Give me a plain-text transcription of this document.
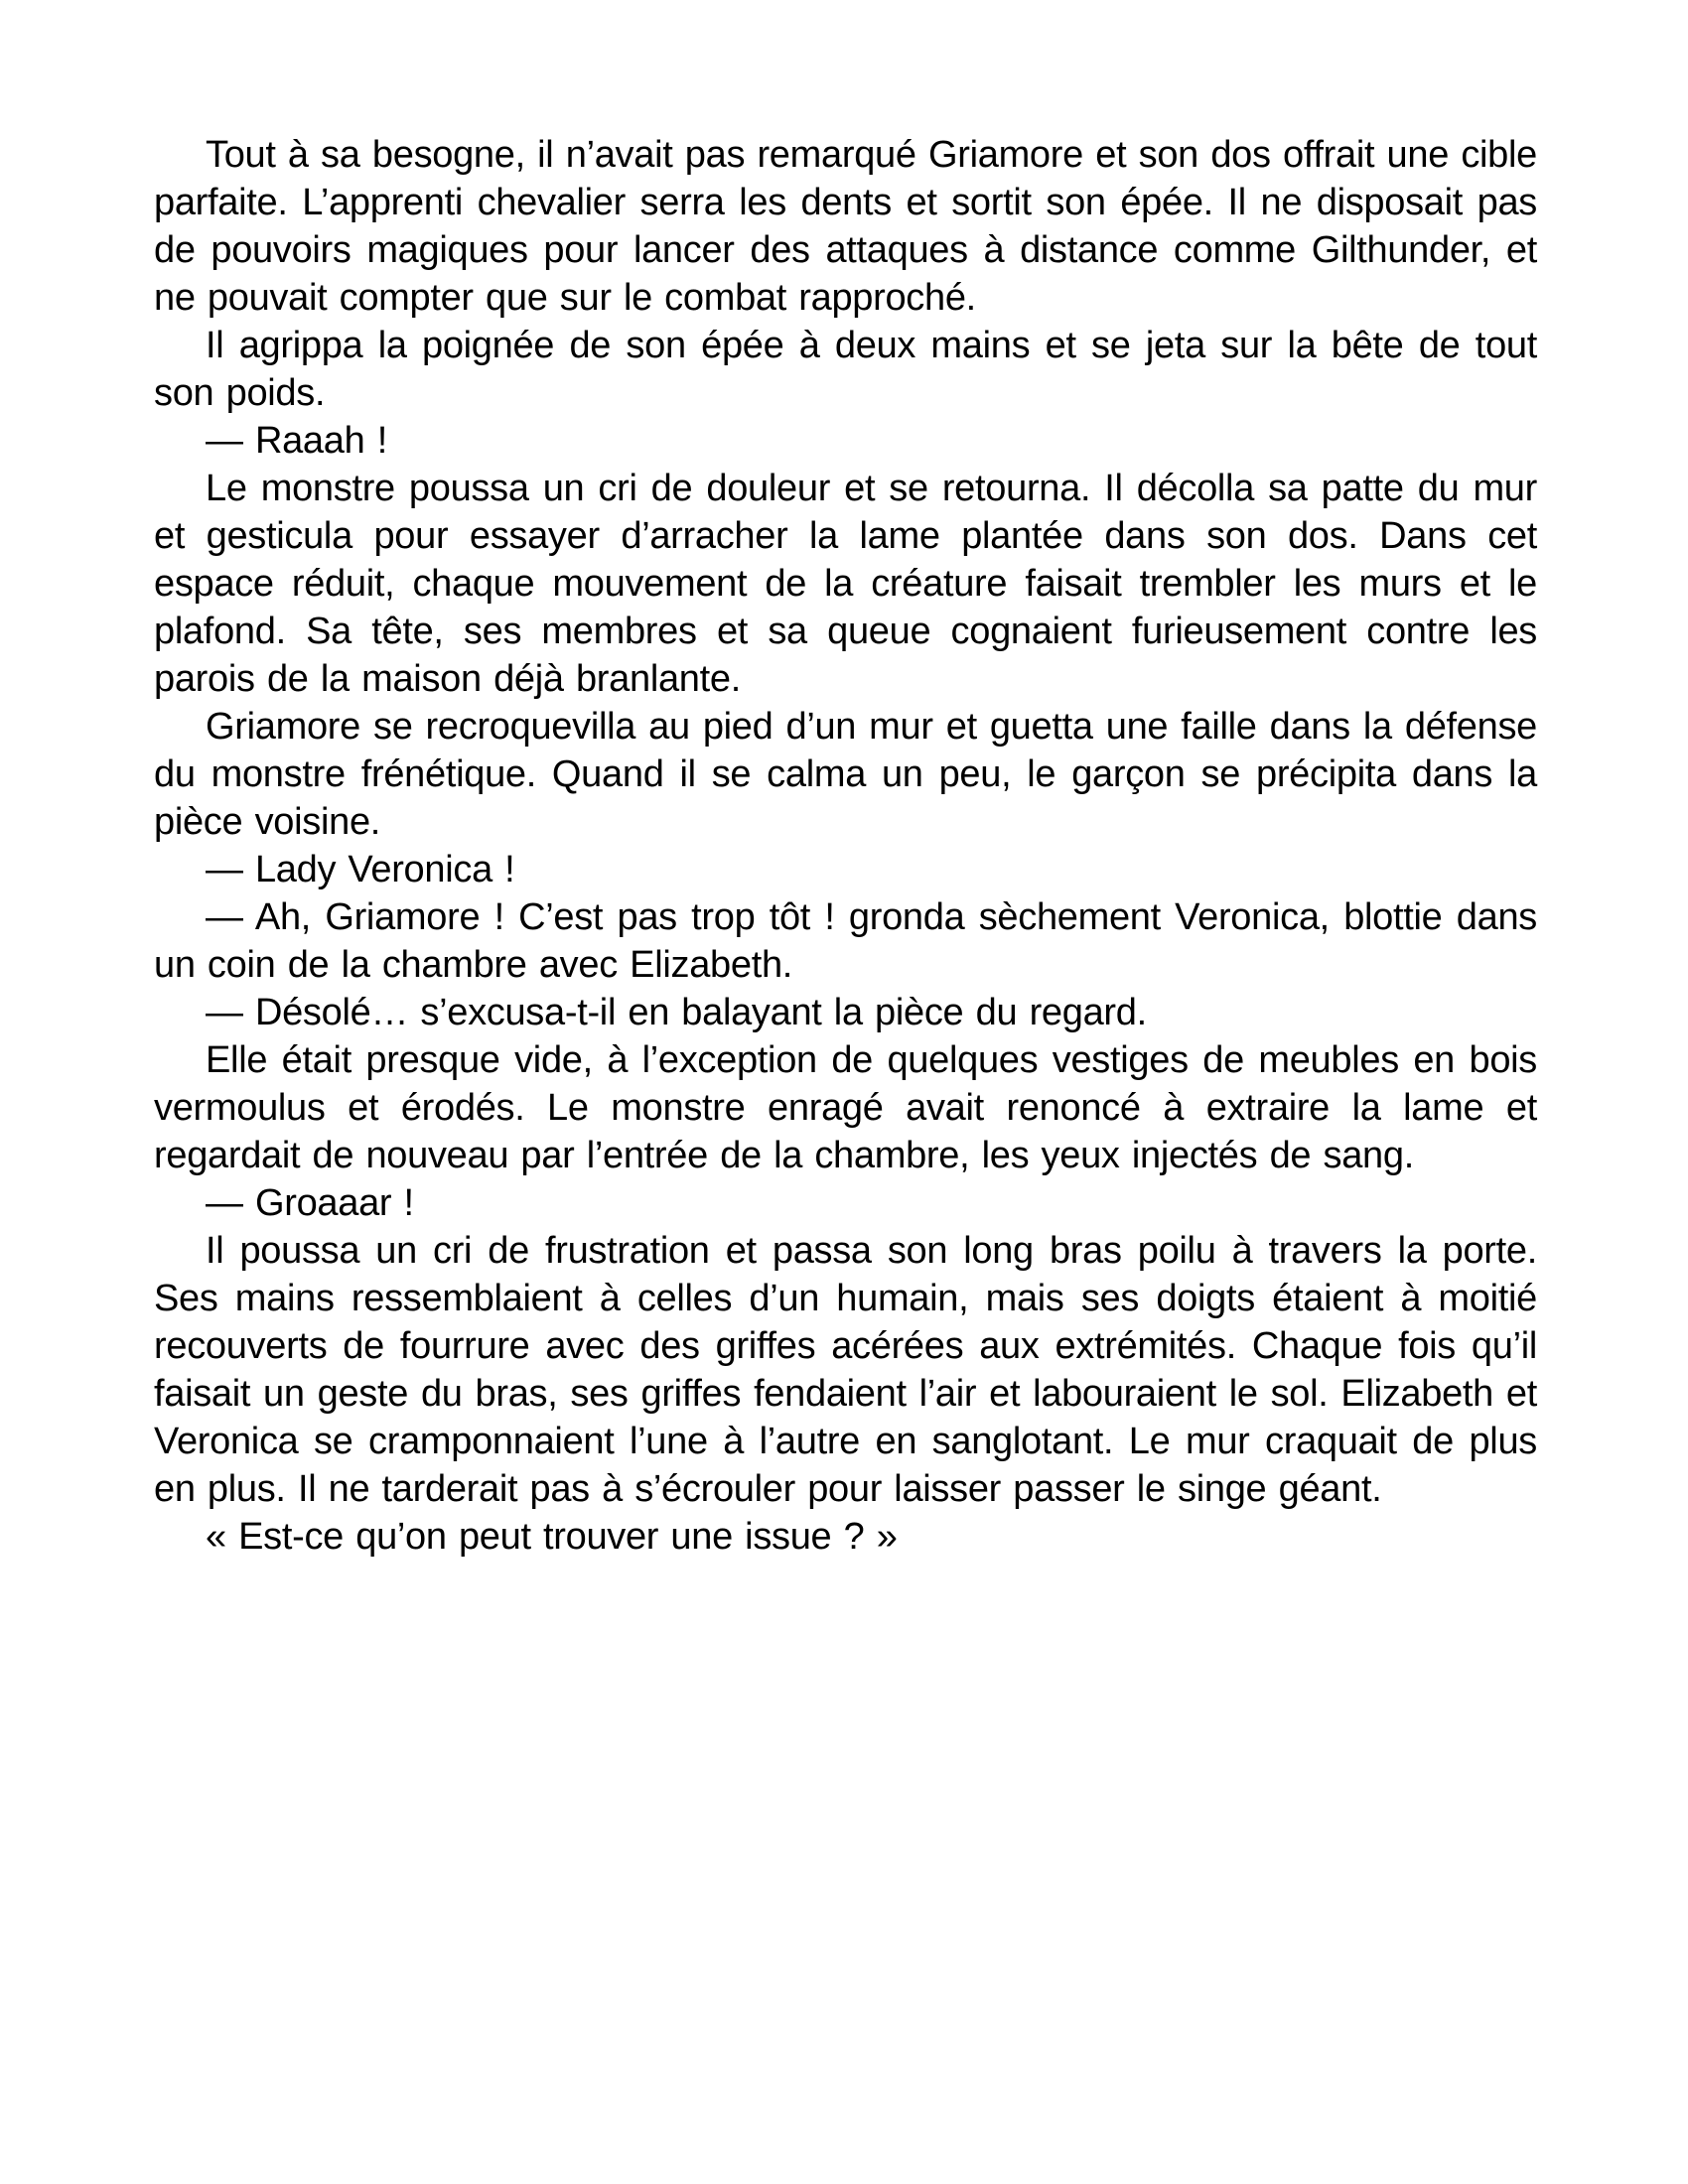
Tout à sa besogne, il n’avait pas remarqué Griamore et son dos offrait une cible parfaite. L’apprenti chevalier serra les dents et sortit son épée. Il ne disposait pas de pouvoirs magiques pour lancer des attaques à distance comme Gilthunder, et ne pouvait compter que sur le combat rapproché.

Il agrippa la poignée de son épée à deux mains et se jeta sur la bête de tout son poids.

— Raaah !

Le monstre poussa un cri de douleur et se retourna. Il décolla sa patte du mur et gesticula pour essayer d’arracher la lame plantée dans son dos. Dans cet espace réduit, chaque mouvement de la créature faisait trembler les murs et le plafond. Sa tête, ses membres et sa queue cognaient furieusement contre les parois de la maison déjà branlante.

Griamore se recroquevilla au pied d’un mur et guetta une faille dans la défense du monstre frénétique. Quand il se calma un peu, le garçon se précipita dans la pièce voisine.

— Lady Veronica !

— Ah, Griamore ! C’est pas trop tôt ! gronda sèchement Veronica, blottie dans un coin de la chambre avec Elizabeth.

— Désolé… s’excusa-t-il en balayant la pièce du regard.

Elle était presque vide, à l’exception de quelques vestiges de meubles en bois vermoulus et érodés. Le monstre enragé avait renoncé à extraire la lame et regardait de nouveau par l’entrée de la chambre, les yeux injectés de sang.

— Groaaar !

Il poussa un cri de frustration et passa son long bras poilu à travers la porte. Ses mains ressemblaient à celles d’un humain, mais ses doigts étaient à moitié recouverts de fourrure avec des griffes acérées aux extrémités. Chaque fois qu’il faisait un geste du bras, ses griffes fendaient l’air et labouraient le sol. Elizabeth et Veronica se cramponnaient l’une à l’autre en sanglotant. Le mur craquait de plus en plus. Il ne tarderait pas à s’écrouler pour laisser passer le singe géant.

« Est-ce qu’on peut trouver une issue ? »
